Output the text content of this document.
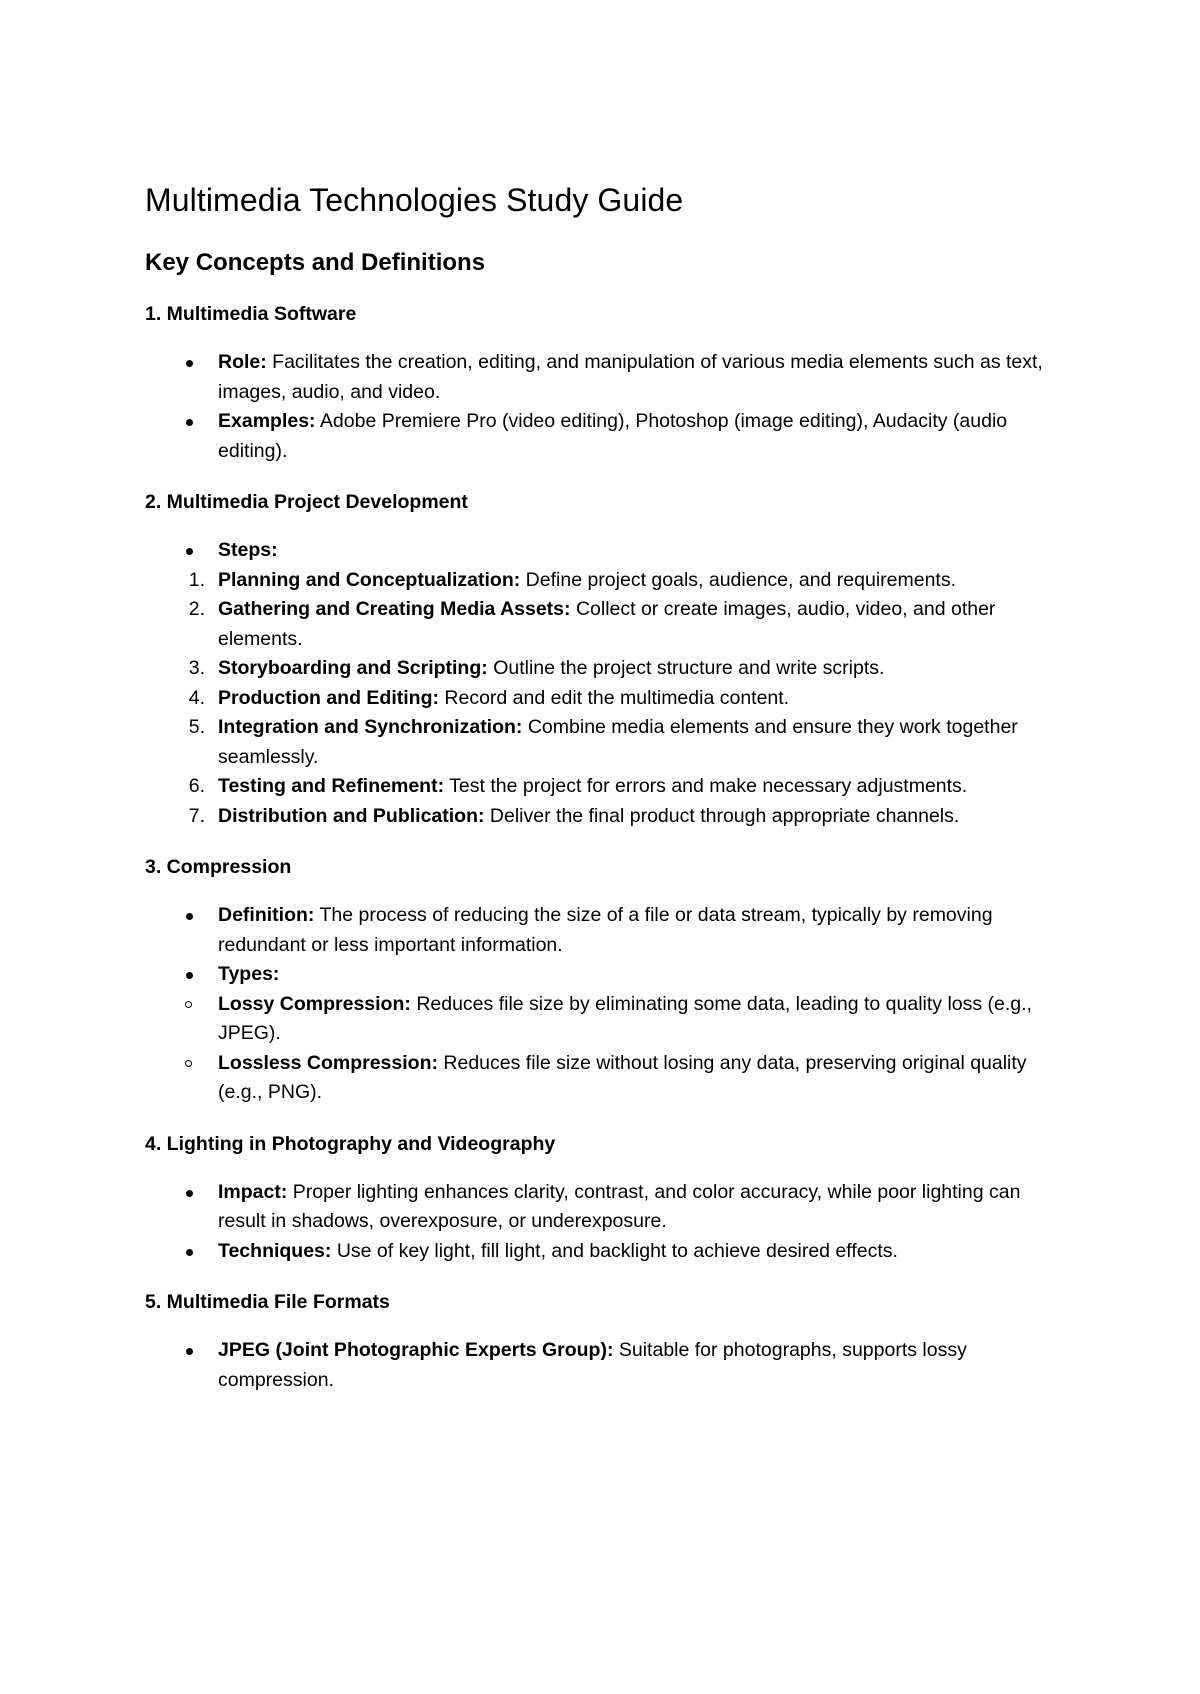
Multimedia Technologies Study Guide
Key Concepts and Definitions
1. Multimedia Software
Role: Facilitates the creation, editing, and manipulation of various media elements such as text, images, audio, and video.
Examples: Adobe Premiere Pro (video editing), Photoshop (image editing), Audacity (audio editing).
2. Multimedia Project Development
Steps:
1. Planning and Conceptualization: Define project goals, audience, and requirements.
2. Gathering and Creating Media Assets: Collect or create images, audio, video, and other elements.
3. Storyboarding and Scripting: Outline the project structure and write scripts.
4. Production and Editing: Record and edit the multimedia content.
5. Integration and Synchronization: Combine media elements and ensure they work together seamlessly.
6. Testing and Refinement: Test the project for errors and make necessary adjustments.
7. Distribution and Publication: Deliver the final product through appropriate channels.
3. Compression
Definition: The process of reducing the size of a file or data stream, typically by removing redundant or less important information.
Types:
Lossy Compression: Reduces file size by eliminating some data, leading to quality loss (e.g., JPEG).
Lossless Compression: Reduces file size without losing any data, preserving original quality (e.g., PNG).
4. Lighting in Photography and Videography
Impact: Proper lighting enhances clarity, contrast, and color accuracy, while poor lighting can result in shadows, overexposure, or underexposure.
Techniques: Use of key light, fill light, and backlight to achieve desired effects.
5. Multimedia File Formats
JPEG (Joint Photographic Experts Group): Suitable for photographs, supports lossy compression.
